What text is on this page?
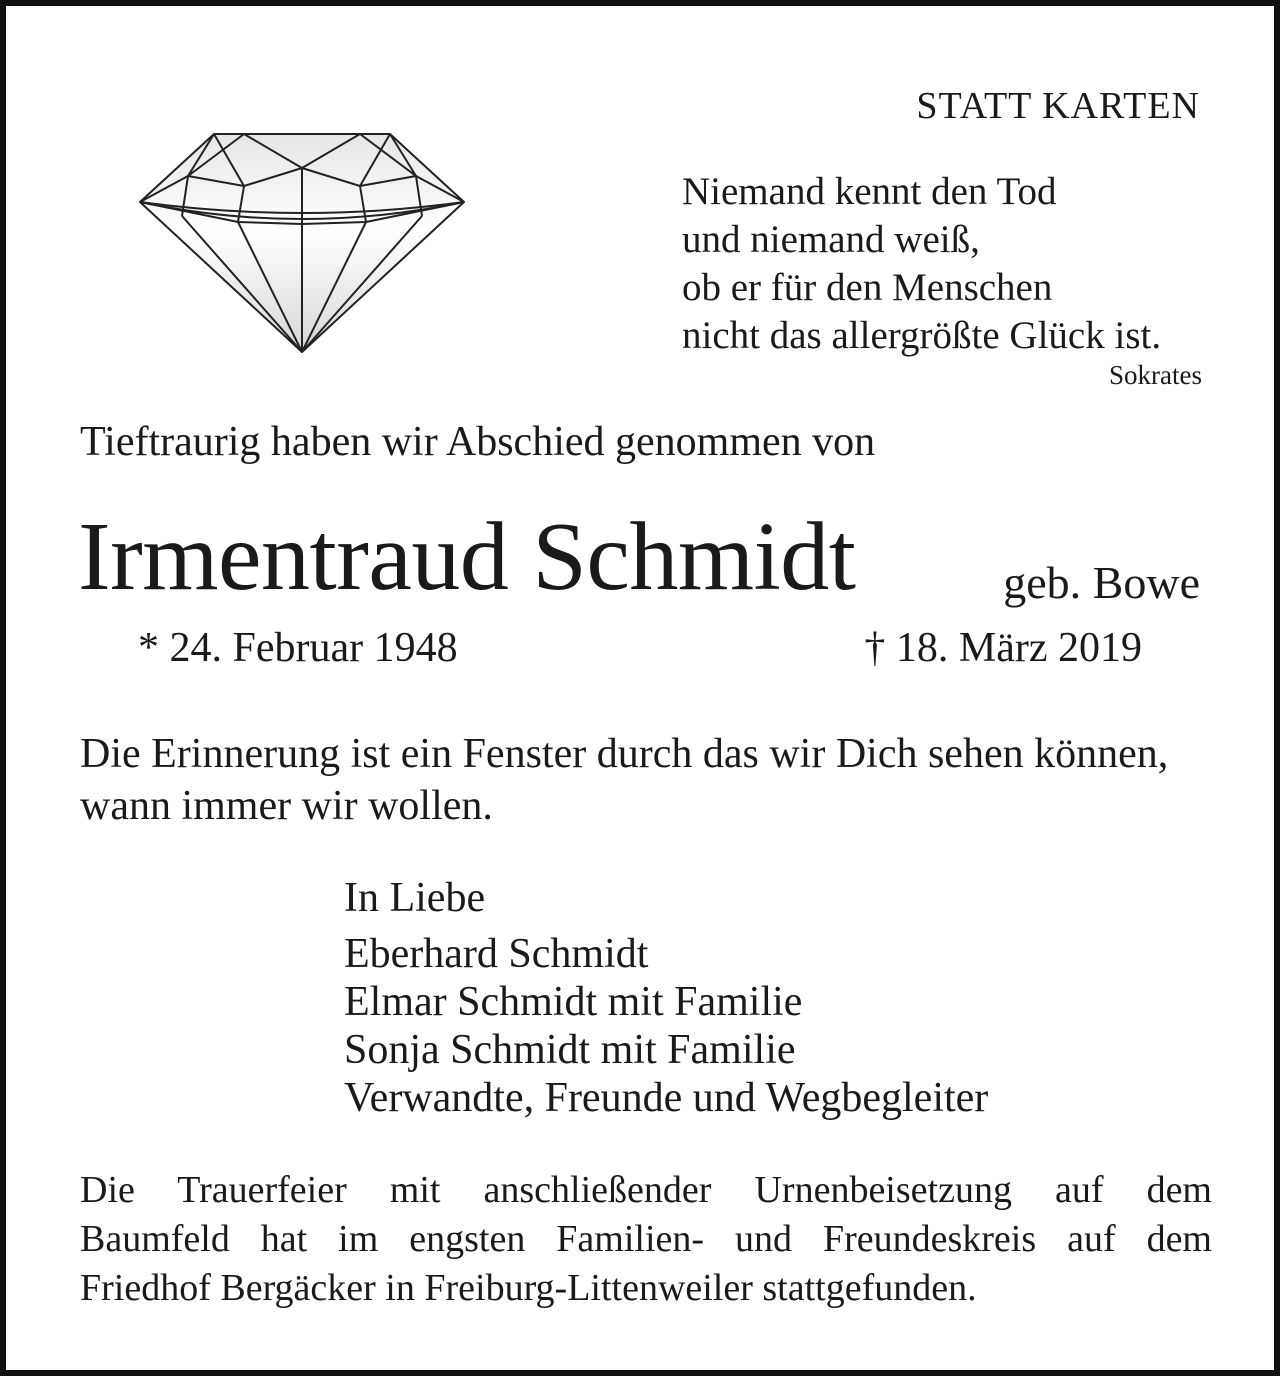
STATT KARTEN
Niemand kennt den Tod
und niemand weiß,
ob er für den Menschen
nicht das allergrößte Glück ist.
Sokrates
Tieftraurig haben wir Abschied genommen von
Irmentraud Schmidt	geb. Bowe
* 24. Februar 1948	† 18. März 2019
Die Erinnerung ist ein Fenster durch das wir Dich sehen können, wann immer wir wollen.
In Liebe
Eberhard Schmidt
Elmar Schmidt mit Familie
Sonja Schmidt mit Familie
Verwandte, Freunde und Wegbegleiter
Die Trauerfeier mit anschließender Urnenbeisetzung auf dem
Baumfeld hat im engsten Familien- und Freundeskreis auf dem
Friedhof Bergäcker in Freiburg-Littenweiler stattgefunden.
